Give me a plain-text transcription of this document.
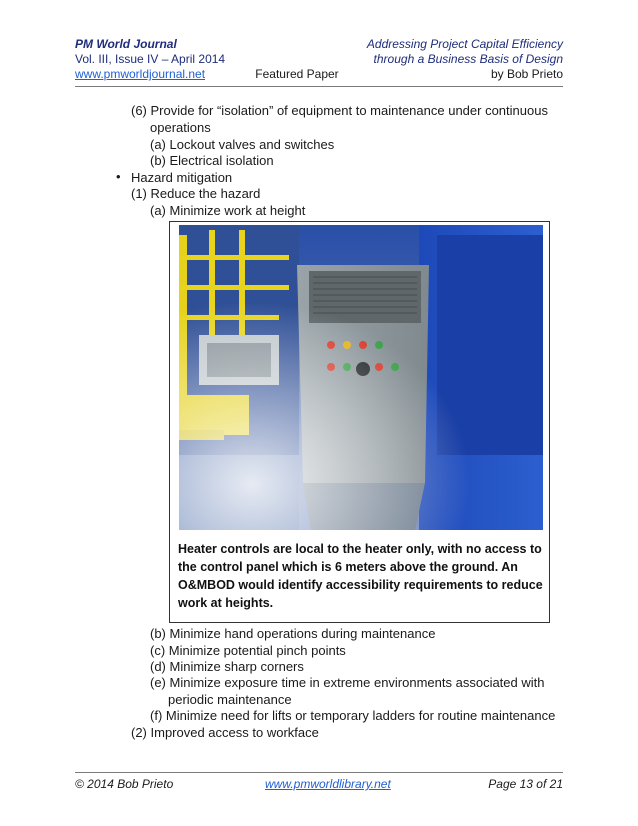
PM World Journal	Addressing Project Capital Efficiency
Vol. III, Issue IV – April 2014	through a Business Basis of Design
www.pmworldjournal.net	Featured Paper	by Bob Prieto
(6) Provide for “isolation” of equipment to maintenance under continuous
operations
(a) Lockout valves and switches
(b) Electrical isolation
• Hazard mitigation
(1) Reduce the hazard
(a) Minimize work at height
(b) Minimize hand operations during maintenance
(c) Minimize potential pinch points
(d) Minimize sharp corners
(e) Minimize exposure time in extreme environments associated with
periodic maintenance
(f) Minimize need for lifts or temporary ladders for routine maintenance
(2) Improved access to workface
Heater controls are local to the heater only, with no access to
the control panel which is 6 meters above the ground. An
O&MBOD would identify accessibility requirements to reduce
work at heights.
© 2014 Bob Prieto	www.pmworldlibrary.net	Page 13 of 21
